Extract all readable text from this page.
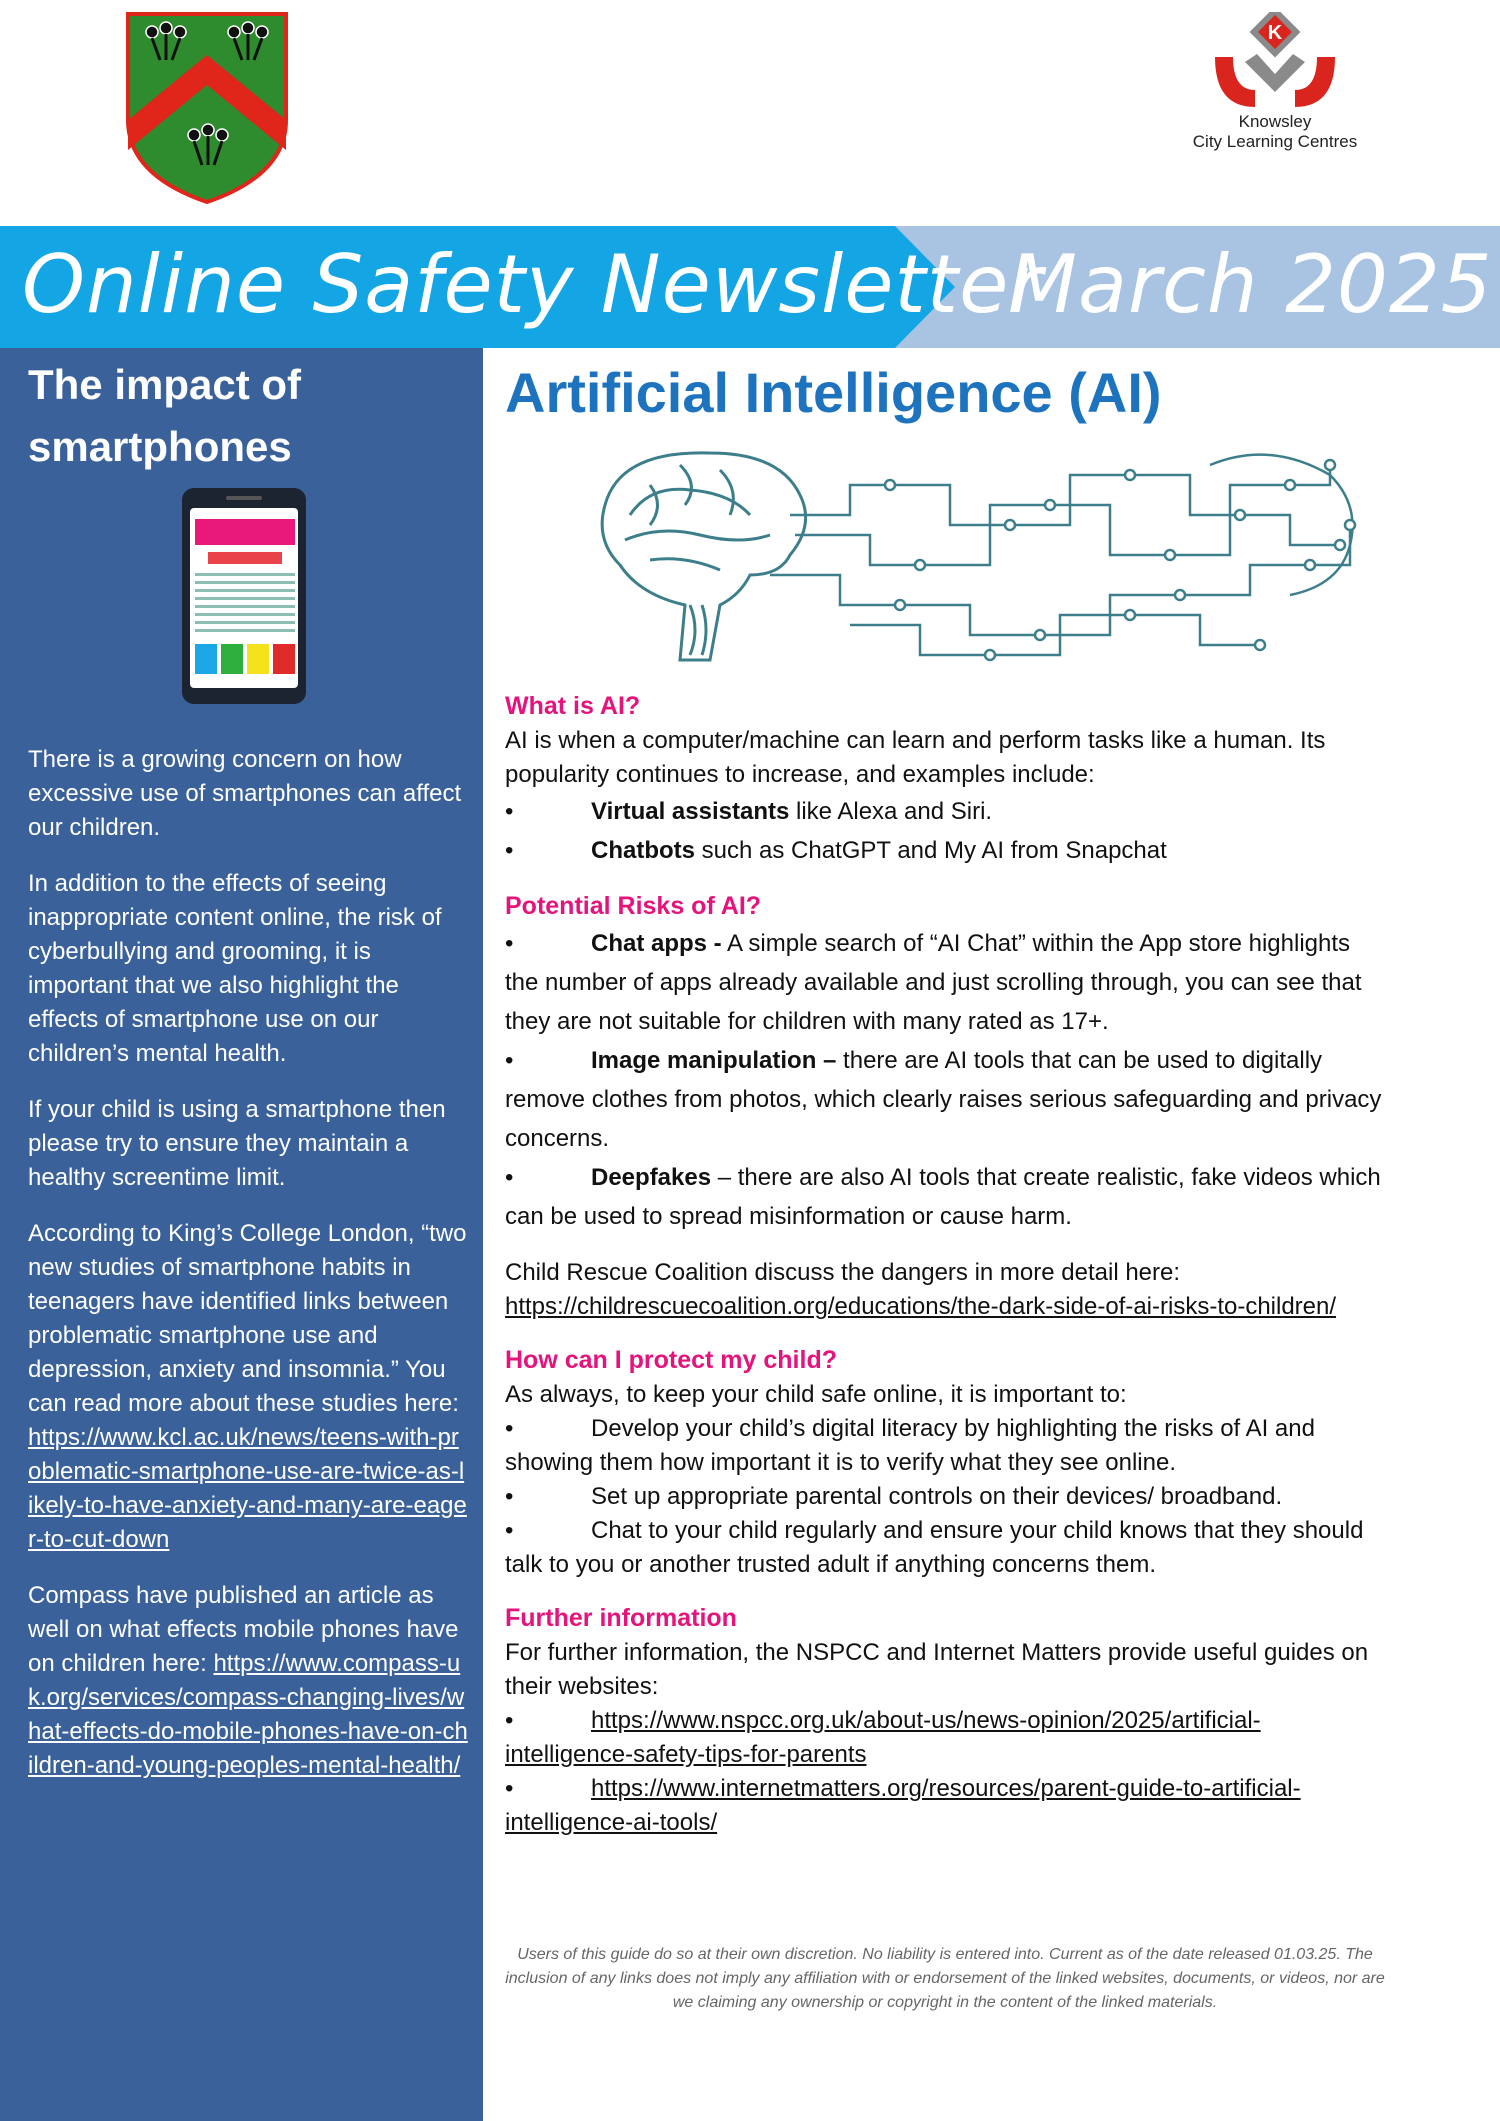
K
Knowsley
City Learning Centres
Online Safety Newsletter
March 2025
The impact of
smartphones

There is a growing concern on how excessive use of smartphones can affect our children.

In addition to the effects of seeing inappropriate content online, the risk of cyberbullying and grooming, it is important that we also highlight the effects of smartphone use on our children’s mental health.

If your child is using a smartphone then please try to ensure they maintain a healthy screentime limit.

According to King’s College London, “two new studies of smartphone habits in teenagers have identified links between problematic smartphone use and depression, anxiety and insomnia.” You can read more about these studies here: https://www.kcl.ac.uk/news/teens-with-problematic-smartphone-use-are-twice-as-likely-to-have-anxiety-and-many-are-eager-to-cut-down

Compass have published an article as well on what effects mobile phones have on children here: https://www.compass-uk.org/services/compass-changing-lives/what-effects-do-mobile-phones-have-on-children-and-young-peoples-mental-health/

Artificial Intelligence (AI)
What is AI?
AI is when a computer/machine can learn and perform tasks like a human. Its popularity continues to increase, and examples include:
•	Virtual assistants like Alexa and Siri.
•	Chatbots such as ChatGPT and My AI from Snapchat
Potential Risks of AI?
•	Chat apps - A simple search of “AI Chat” within the App store highlights the number of apps already available and just scrolling through, you can see that they are not suitable for children with many rated as 17+.
•	Image manipulation – there are AI tools that can be used to digitally remove clothes from photos, which clearly raises serious safeguarding and privacy concerns.
•	Deepfakes – there are also AI tools that create realistic, fake videos which can be used to spread misinformation or cause harm.
Child Rescue Coalition discuss the dangers in more detail here:
https://childrescuecoalition.org/educations/the-dark-side-of-ai-risks-to-children/
How can I protect my child?
As always, to keep your child safe online, it is important to:
•	Develop your child’s digital literacy by highlighting the risks of AI and showing them how important it is to verify what they see online.
•	Set up appropriate parental controls on their devices/ broadband.
•	Chat to your child regularly and ensure your child knows that they should talk to you or another trusted adult if anything concerns them.
Further information
For further information, the NSPCC and Internet Matters provide useful guides on their websites:
•	https://www.nspcc.org.uk/about-us/news-opinion/2025/artificial-intelligence-safety-tips-for-parents
•	https://www.internetmatters.org/resources/parent-guide-to-artificial-intelligence-ai-tools/
Users of this guide do so at their own discretion. No liability is entered into. Current as of the date released 01.03.25. The inclusion of any links does not imply any affiliation with or endorsement of the linked websites, documents, or videos, nor are we claiming any ownership or copyright in the content of the linked materials.
